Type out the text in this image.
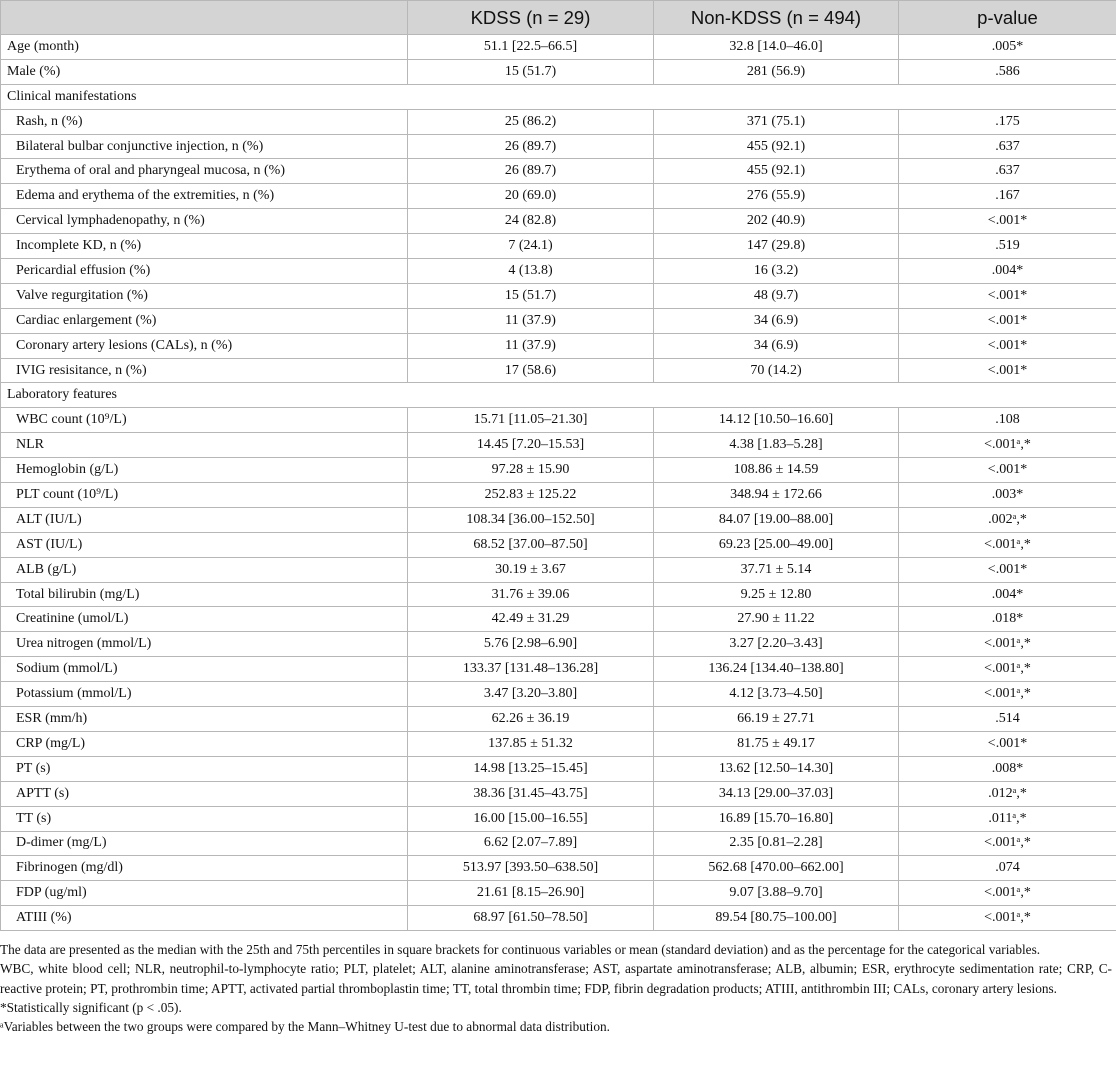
	KDSS (n = 29)	Non-KDSS (n = 494)	p-value
Age (month)	51.1 [22.5–66.5]	32.8 [14.0–46.0]	.005*
Male (%)	15 (51.7)	281 (56.9)	.586
Clinical manifestations			
Rash, n (%)	25 (86.2)	371 (75.1)	.175
Bilateral bulbar conjunctive injection, n (%)	26 (89.7)	455 (92.1)	.637
Erythema of oral and pharyngeal mucosa, n (%)	26 (89.7)	455 (92.1)	.637
Edema and erythema of the extremities, n (%)	20 (69.0)	276 (55.9)	.167
Cervical lymphadenopathy, n (%)	24 (82.8)	202 (40.9)	<.001*
Incomplete KD, n (%)	7 (24.1)	147 (29.8)	.519
Pericardial effusion (%)	4 (13.8)	16 (3.2)	.004*
Valve regurgitation (%)	15 (51.7)	48 (9.7)	<.001*
Cardiac enlargement (%)	11 (37.9)	34 (6.9)	<.001*
Coronary artery lesions (CALs), n (%)	11 (37.9)	34 (6.9)	<.001*
IVIG resisitance, n (%)	17 (58.6)	70 (14.2)	<.001*
Laboratory features			
WBC count (10⁹/L)	15.71 [11.05–21.30]	14.12 [10.50–16.60]	.108
NLR	14.45 [7.20–15.53]	4.38 [1.83–5.28]	<.001ᵃ,*
Hemoglobin (g/L)	97.28 ± 15.90	108.86 ± 14.59	<.001*
PLT count (10⁹/L)	252.83 ± 125.22	348.94 ± 172.66	.003*
ALT (IU/L)	108.34 [36.00–152.50]	84.07 [19.00–88.00]	.002ᵃ,*
AST (IU/L)	68.52 [37.00–87.50]	69.23 [25.00–49.00]	<.001ᵃ,*
ALB (g/L)	30.19 ± 3.67	37.71 ± 5.14	<.001*
Total bilirubin (mg/L)	31.76 ± 39.06	9.25 ± 12.80	.004*
Creatinine (umol/L)	42.49 ± 31.29	27.90 ± 11.22	.018*
Urea nitrogen (mmol/L)	5.76 [2.98–6.90]	3.27 [2.20–3.43]	<.001ᵃ,*
Sodium (mmol/L)	133.37 [131.48–136.28]	136.24 [134.40–138.80]	<.001ᵃ,*
Potassium (mmol/L)	3.47 [3.20–3.80]	4.12 [3.73–4.50]	<.001ᵃ,*
ESR (mm/h)	62.26 ± 36.19	66.19 ± 27.71	.514
CRP (mg/L)	137.85 ± 51.32	81.75 ± 49.17	<.001*
PT (s)	14.98 [13.25–15.45]	13.62 [12.50–14.30]	.008*
APTT (s)	38.36 [31.45–43.75]	34.13 [29.00–37.03]	.012ᵃ,*
TT (s)	16.00 [15.00–16.55]	16.89 [15.70–16.80]	.011ᵃ,*
D-dimer (mg/L)	6.62 [2.07–7.89]	2.35 [0.81–2.28]	<.001ᵃ,*
Fibrinogen (mg/dl)	513.97 [393.50–638.50]	562.68 [470.00–662.00]	.074
FDP (ug/ml)	21.61 [8.15–26.90]	9.07 [3.88–9.70]	<.001ᵃ,*
ATIII (%)	68.97 [61.50–78.50]	89.54 [80.75–100.00]	<.001ᵃ,*

The data are presented as the median with the 25th and 75th percentiles in square brackets for continuous variables or mean (standard deviation) and as the percentage for the categorical variables.

WBC, white blood cell; NLR, neutrophil-to-lymphocyte ratio; PLT, platelet; ALT, alanine aminotransferase; AST, aspartate aminotransferase; ALB, albumin; ESR, erythrocyte sedimentation rate; CRP, C-reactive protein; PT, prothrombin time; APTT, activated partial thromboplastin time; TT, total thrombin time; FDP, fibrin degradation products; ATIII, antithrombin III; CALs, coronary artery lesions.

*Statistically significant (p < .05).

ᵃVariables between the two groups were compared by the Mann–Whitney U-test due to abnormal data distribution.
